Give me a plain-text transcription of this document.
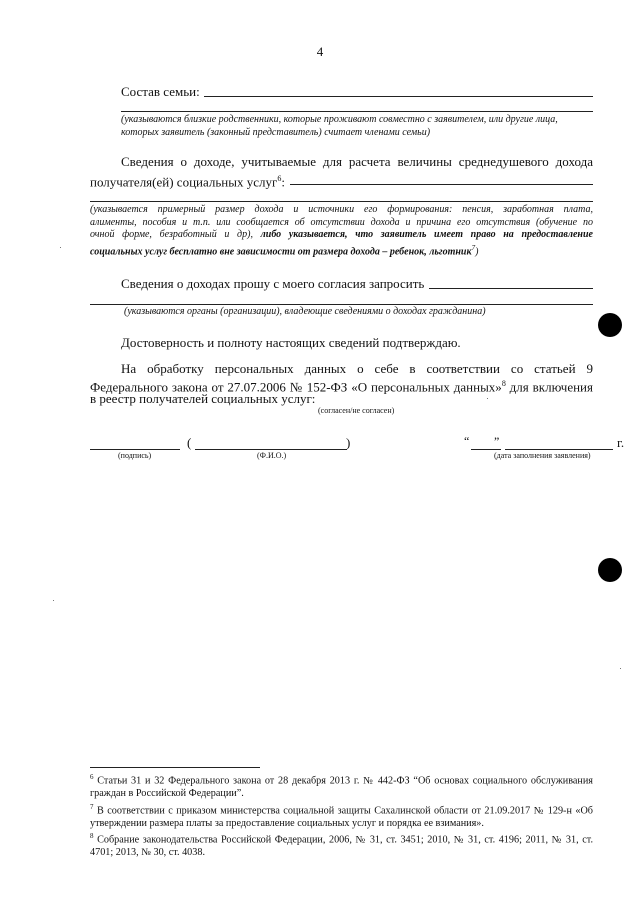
4
Состав семьи:
(указываются близкие родственники, которые проживают совместно с заявителем, или другие лица, которых заявитель (законный представитель) считает членами семьи)
Сведения о доходе, учитываемые для расчета величины среднедушевого дохода
получателя(ей) социальных услуг$^6$:
(указывается примерный размер дохода и источники его формирования: пенсия, заработная плата,
алименты, пособия и т.п. или сообщается об отсутствии дохода и причина его отсутствия (обучение по
очной форме, безработный и др), либо указывается, что заявитель имеет право на предоставление
социальных услуг бесплатно вне зависимости от размера дохода – ребенок, льготник$^7$)
Сведения о доходах прошу с моего согласия запросить
(указываются органы (организации), владеющие сведениями о доходах гражданина)
Достоверность и полноту настоящих сведений подтверждаю.
На обработку персональных данных о себе в соответствии со статьей 9
Федерального закона от 27.07.2006 № 152-ФЗ «О персональных данных»$^8$ для включения
в реестр получателей социальных услуг:
(согласен/не согласен)
(	)	“ ”	г.
(подпись)	(Ф.И.О.)	(дата заполнения заявления)
$^6$ Статьи 31 и 32 Федерального закона от 28 декабря 2013 г. № 442-ФЗ “Об основах социального обслуживания граждан в Российской Федерации”.
$^7$ В соответствии с приказом министерства социальной защиты Сахалинской области от 21.09.2017 № 129-н «Об утверждении размера платы за предоставление социальных услуг и порядка ее взимания».
$^8$ Собрание законодательства Российской Федерации, 2006, № 31, ст. 3451; 2010, № 31, ст. 4196; 2011, № 31, ст. 4701; 2013, № 30, ст. 4038.
